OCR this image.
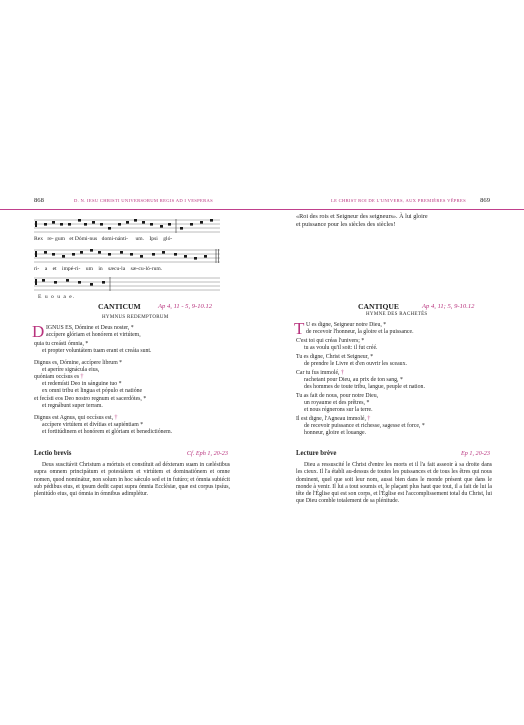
868	D. N. IESU CHRISTI UNIVERSORUM REGIS AD I VESPERAS
Rex re- gum et Dómi-nus domi-nánti- um. Ipsi gló-
ri- a et impé-ri- um in sæcu-la sæ-cu-ló-rum.
E u o u a e.
CANTICUM	Ap 4, 11 - 5, 9-10.12
HYMNUS REDEMPTORUM
D IGNUS ES, Dómine et Deus noster, *
accípere glóriam et honórem et virtútem,
quia tu creásti ómnia, *
et propter voluntátem tuam erant et creáta sunt.
Dignus es, Dómine, accípere librum *
et aperíre signácula eius,
quóniam occísus es †
et redemísti Deo in sánguine tuo *
ex omni tribu et lingua et pópulo et natióne
et fecísti eos Deo nostro regnum et sacerdótes, *
et regnábunt super terram.
Dignus est Agnus, qui occísus est, †
accípere virtútem et divítias et sapiéntiam *
et fortitúdinem et honórem et glóriam et benedictiónem.
Lectio brevis	Cf. Eph 1, 20-23
Deus suscitávit Christum a mórtuis et constítuit ad déxteram suam in cæléstibus supra omnem principátum et potestátem et virtútem et dominatiónem et omne nomen, quod nominátur, non solum in hoc sǽculo sed et in futúro; et ómnia subiécit sub pédibus eius, et ipsum dedit caput supra ómnia Ecclésiæ, quæ est corpus ipsíus, plenitúdo eius, qui ómnia in ómnibus adimplétur.
LE CHRIST ROI DE L'UNIVERS, AUX PREMIÈRES VÊPRES 869
«Roi des rois et Seigneur des seigneurs». À lui gloire
et puissance pour les siècles des siècles!
CANTIQUE	Ap 4, 11; 5, 9-10.12
HYMNE DES RACHETÉS
T U es digne, Seigneur notre Dieu, *
de recevoir l'honneur, la gloire et la puissance.
C'est toi qui créas l'univers; *
tu as voulu qu'il soit: il fut créé.
Tu es digne, Christ et Seigneur, *
de prendre le Livre et d'en ouvrir les sceaux.
Car tu fus immolé, †
rachetant pour Dieu, au prix de ton sang, *
des hommes de toute tribu, langue, peuple et nation.
Tu as fait de nous, pour notre Dieu,
un royaume et des prêtres, *
et nous régnerons sur la terre.
Il est digne, l'Agneau immolé, †
de recevoir puissance et richesse, sagesse et force, *
honneur, gloire et louange.
Lecture brève	Ep 1, 20-23
Dieu a ressuscité le Christ d'entre les morts et il l'a fait asseoir à sa droite dans les cieux. Il l'a établi au-dessus de toutes les puissances et de tous les êtres qui nous dominent, quel que soit leur nom, aussi bien dans le monde présent que dans le monde à venir. Il lui a tout soumis et, le plaçant plus haut que tout, il a fait de lui la tête de l'Église qui est son corps, et l'Église est l'accomplissement total du Christ, lui que Dieu comble totalement de sa plénitude.
